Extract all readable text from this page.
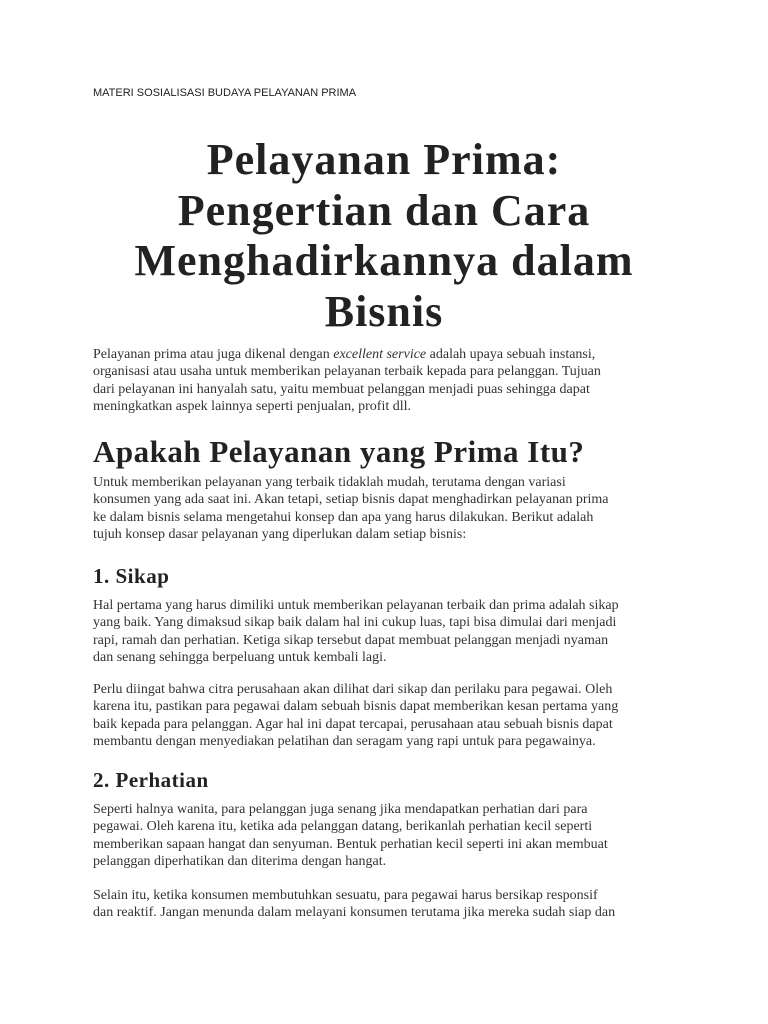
MATERI SOSIALISASI BUDAYA PELAYANAN PRIMA
Pelayanan Prima:
Pengertian dan Cara
Menghadirkannya dalam
Bisnis
Pelayanan prima atau juga dikenal dengan excellent service adalah upaya sebuah instansi,
organisasi atau usaha untuk memberikan pelayanan terbaik kepada para pelanggan. Tujuan
dari pelayanan ini hanyalah satu, yaitu membuat pelanggan menjadi puas sehingga dapat
meningkatkan aspek lainnya seperti penjualan, profit dll.
Apakah Pelayanan yang Prima Itu?
Untuk memberikan pelayanan yang terbaik tidaklah mudah, terutama dengan variasi
konsumen yang ada saat ini. Akan tetapi, setiap bisnis dapat menghadirkan pelayanan prima
ke dalam bisnis selama mengetahui konsep dan apa yang harus dilakukan. Berikut adalah
tujuh konsep dasar pelayanan yang diperlukan dalam setiap bisnis:
1. Sikap
Hal pertama yang harus dimiliki untuk memberikan pelayanan terbaik dan prima adalah sikap
yang baik. Yang dimaksud sikap baik dalam hal ini cukup luas, tapi bisa dimulai dari menjadi
rapi, ramah dan perhatian. Ketiga sikap tersebut dapat membuat pelanggan menjadi nyaman
dan senang sehingga berpeluang untuk kembali lagi.
Perlu diingat bahwa citra perusahaan akan dilihat dari sikap dan perilaku para pegawai. Oleh
karena itu, pastikan para pegawai dalam sebuah bisnis dapat memberikan kesan pertama yang
baik kepada para pelanggan. Agar hal ini dapat tercapai, perusahaan atau sebuah bisnis dapat
membantu dengan menyediakan pelatihan dan seragam yang rapi untuk para pegawainya.
2. Perhatian
Seperti halnya wanita, para pelanggan juga senang jika mendapatkan perhatian dari para
pegawai. Oleh karena itu, ketika ada pelanggan datang, berikanlah perhatian kecil seperti
memberikan sapaan hangat dan senyuman. Bentuk perhatian kecil seperti ini akan membuat
pelanggan diperhatikan dan diterima dengan hangat.
Selain itu, ketika konsumen membutuhkan sesuatu, para pegawai harus bersikap responsif
dan reaktif. Jangan menunda dalam melayani konsumen terutama jika mereka sudah siap dan
